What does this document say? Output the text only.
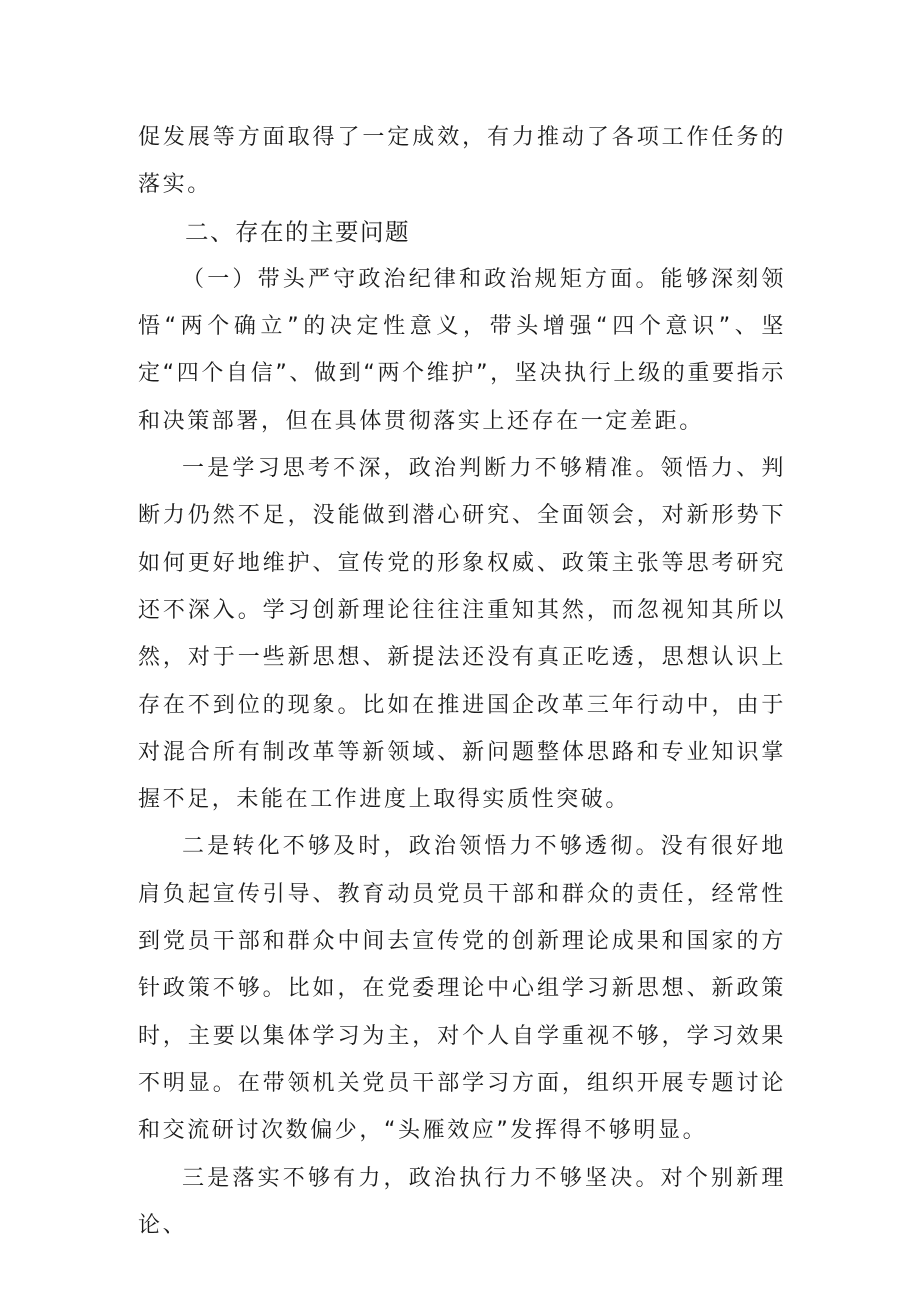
促发展等方面取得了一定成效，有力推动了各项工作任务的落实。

二、存在的主要问题

（一）带头严守政治纪律和政治规矩方面。能够深刻领悟“两个确立”的决定性意义，带头增强“四个意识”、坚定“四个自信”、做到“两个维护”，坚决执行上级的重要指示和决策部署，但在具体贯彻落实上还存在一定差距。

一是学习思考不深，政治判断力不够精准。领悟力、判断力仍然不足，没能做到潜心研究、全面领会，对新形势下如何更好地维护、宣传党的形象权威、政策主张等思考研究还不深入。学习创新理论往往注重知其然，而忽视知其所以然，对于一些新思想、新提法还没有真正吃透，思想认识上存在不到位的现象。比如在推进国企改革三年行动中，由于对混合所有制改革等新领域、新问题整体思路和专业知识掌握不足，未能在工作进度上取得实质性突破。

二是转化不够及时，政治领悟力不够透彻。没有很好地肩负起宣传引导、教育动员党员干部和群众的责任，经常性到党员干部和群众中间去宣传党的创新理论成果和国家的方针政策不够。比如，在党委理论中心组学习新思想、新政策时，主要以集体学习为主，对个人自学重视不够，学习效果不明显。在带领机关党员干部学习方面，组织开展专题讨论和交流研讨次数偏少，“头雁效应”发挥得不够明显。

三是落实不够有力，政治执行力不够坚决。对个别新理论、
